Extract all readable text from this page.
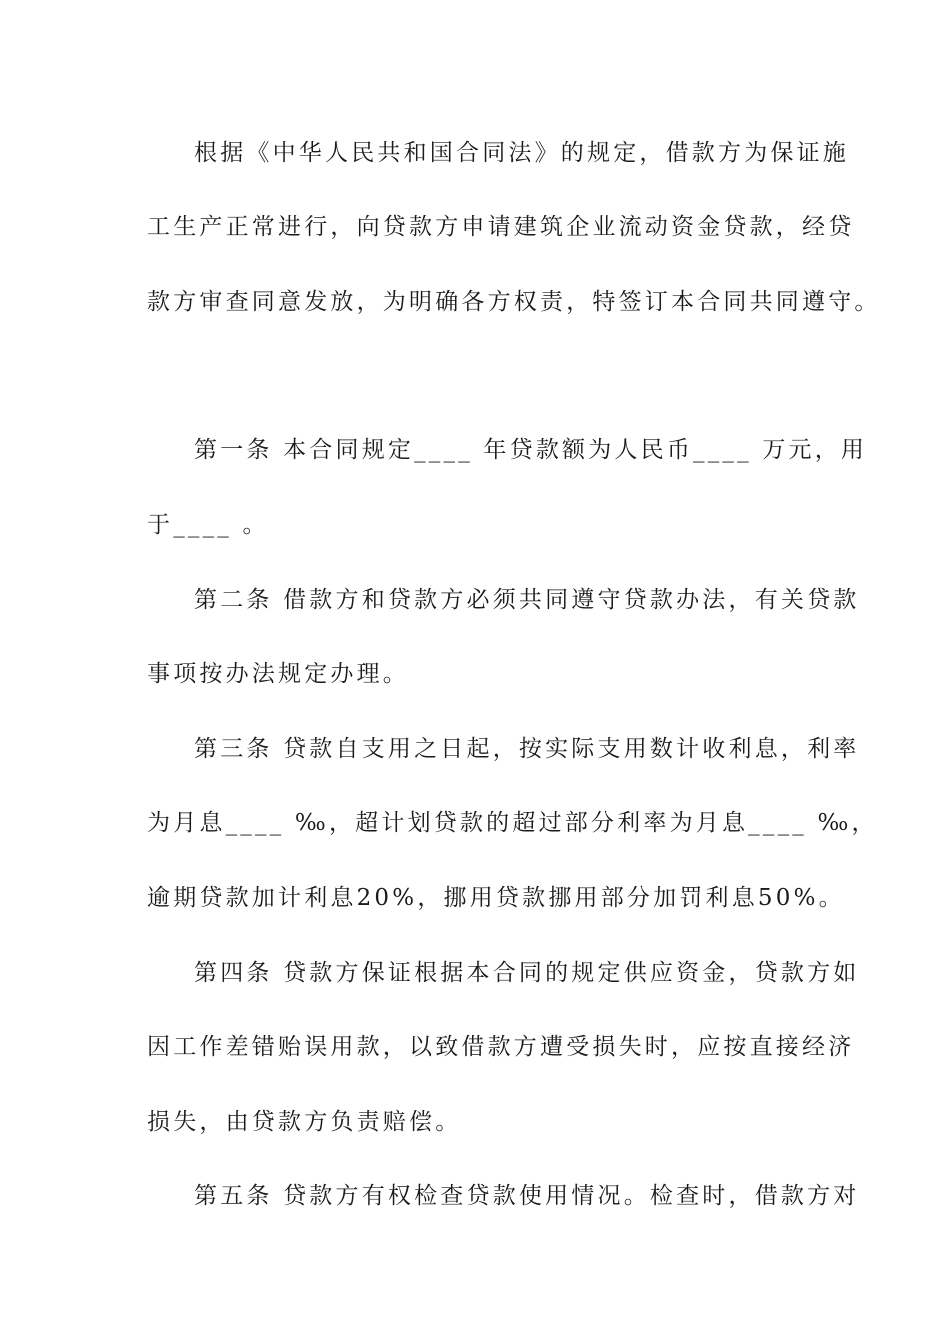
根据《中华人民共和国合同法》的规定，借款方为保证施
工生产正常进行，向贷款方申请建筑企业流动资金贷款，经贷
款方审查同意发放，为明确各方权责，特签订本合同共同遵守。
第一条 本合同规定____ 年贷款额为人民币____ 万元，用
于____ 。
第二条 借款方和贷款方必须共同遵守贷款办法，有关贷款
事项按办法规定办理。
第三条 贷款自支用之日起，按实际支用数计收利息，利率
为月息____ ‰，超计划贷款的超过部分利率为月息____ ‰，
逾期贷款加计利息20%，挪用贷款挪用部分加罚利息50%。
第四条 贷款方保证根据本合同的规定供应资金，贷款方如
因工作差错贻误用款，以致借款方遭受损失时，应按直接经济
损失，由贷款方负责赔偿。
第五条 贷款方有权检查贷款使用情况。检查时，借款方对
